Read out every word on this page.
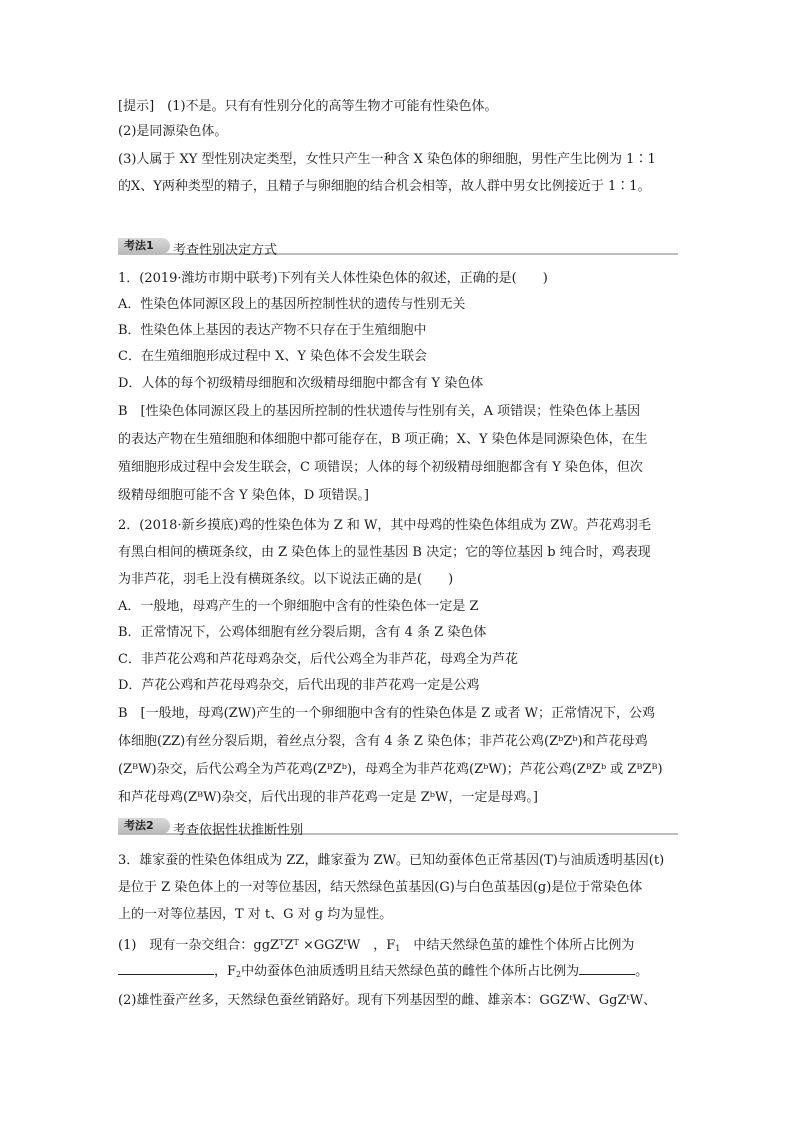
[提示]　(1)不是。只有有性别分化的高等生物才可能有性染色体。
(2)是同源染色体。
(3)人属于 XY 型性别决定类型，女性只产生一种含 X 染色体的卵细胞，男性产生比例为 1∶1
的X、Y两种类型的精子，且精子与卵细胞的结合机会相等，故人群中男女比例接近于 1∶1。
考法1	考查性别决定方式
1．(2019·潍坊市期中联考)下列有关人体性染色体的叙述，正确的是(　　)
A．性染色体同源区段上的基因所控制性状的遗传与性别无关
B．性染色体上基因的表达产物不只存在于生殖细胞中
C．在生殖细胞形成过程中 X、Y 染色体不会发生联会
D．人体的每个初级精母细胞和次级精母细胞中都含有 Y 染色体
B　[性染色体同源区段上的基因所控制的性状遗传与性别有关，A 项错误；性染色体上基因
的表达产物在生殖细胞和体细胞中都可能存在，B 项正确；X、Y 染色体是同源染色体，在生
殖细胞形成过程中会发生联会，C 项错误；人体的每个初级精母细胞都含有 Y 染色体，但次
级精母细胞可能不含 Y 染色体，D 项错误。]
2．(2018·新乡摸底)鸡的性染色体为 Z 和 W，其中母鸡的性染色体组成为 ZW。芦花鸡羽毛
有黑白相间的横斑条纹，由 Z 染色体上的显性基因 B 决定；它的等位基因 b 纯合时，鸡表现
为非芦花，羽毛上没有横斑条纹。以下说法正确的是(　　)
A．一般地，母鸡产生的一个卵细胞中含有的性染色体一定是 Z
B．正常情况下，公鸡体细胞有丝分裂后期，含有 4 条 Z 染色体
C．非芦花公鸡和芦花母鸡杂交，后代公鸡全为非芦花，母鸡全为芦花
D．芦花公鸡和芦花母鸡杂交，后代出现的非芦花鸡一定是公鸡
B　[一般地，母鸡(ZW)产生的一个卵细胞中含有的性染色体是 Z 或者 W；正常情况下，公鸡
体细胞(ZZ)有丝分裂后期，着丝点分裂，含有 4 条 Z 染色体；非芦花公鸡(ZᵇZᵇ)和芦花母鸡
(ZᴮW)杂交，后代公鸡全为芦花鸡(ZᴮZᵇ)，母鸡全为非芦花鸡(ZᵇW)；芦花公鸡(ZᴮZᵇ 或 ZᴮZᴮ)
和芦花母鸡(ZᴮW)杂交，后代出现的非芦花鸡一定是 ZᵇW，一定是母鸡。]
考法2	考查依据性状推断性别
3．雄家蚕的性染色体组成为 ZZ，雌家蚕为 ZW。已知幼蚕体色正常基因(T)与油质透明基因(t)
是位于 Z 染色体上的一对等位基因，结天然绿色茧基因(G)与白色茧基因(g)是位于常染色体
上的一对等位基因，T 对 t、G 对 g 均为显性。
(1)　现有一杂交组合：$ggZ^TZ^T \times GGZ^tW$　，$F_1$　中结天然绿色茧的雄性个体所占比例为
，$F_2$中幼蚕体色油质透明且结天然绿色茧的雌性个体所占比例为	。
(2)雄性蚕产丝多，天然绿色蚕丝销路好。现有下列基因型的雌、雄亲本：GGZᵗW、GgZᵗW、
